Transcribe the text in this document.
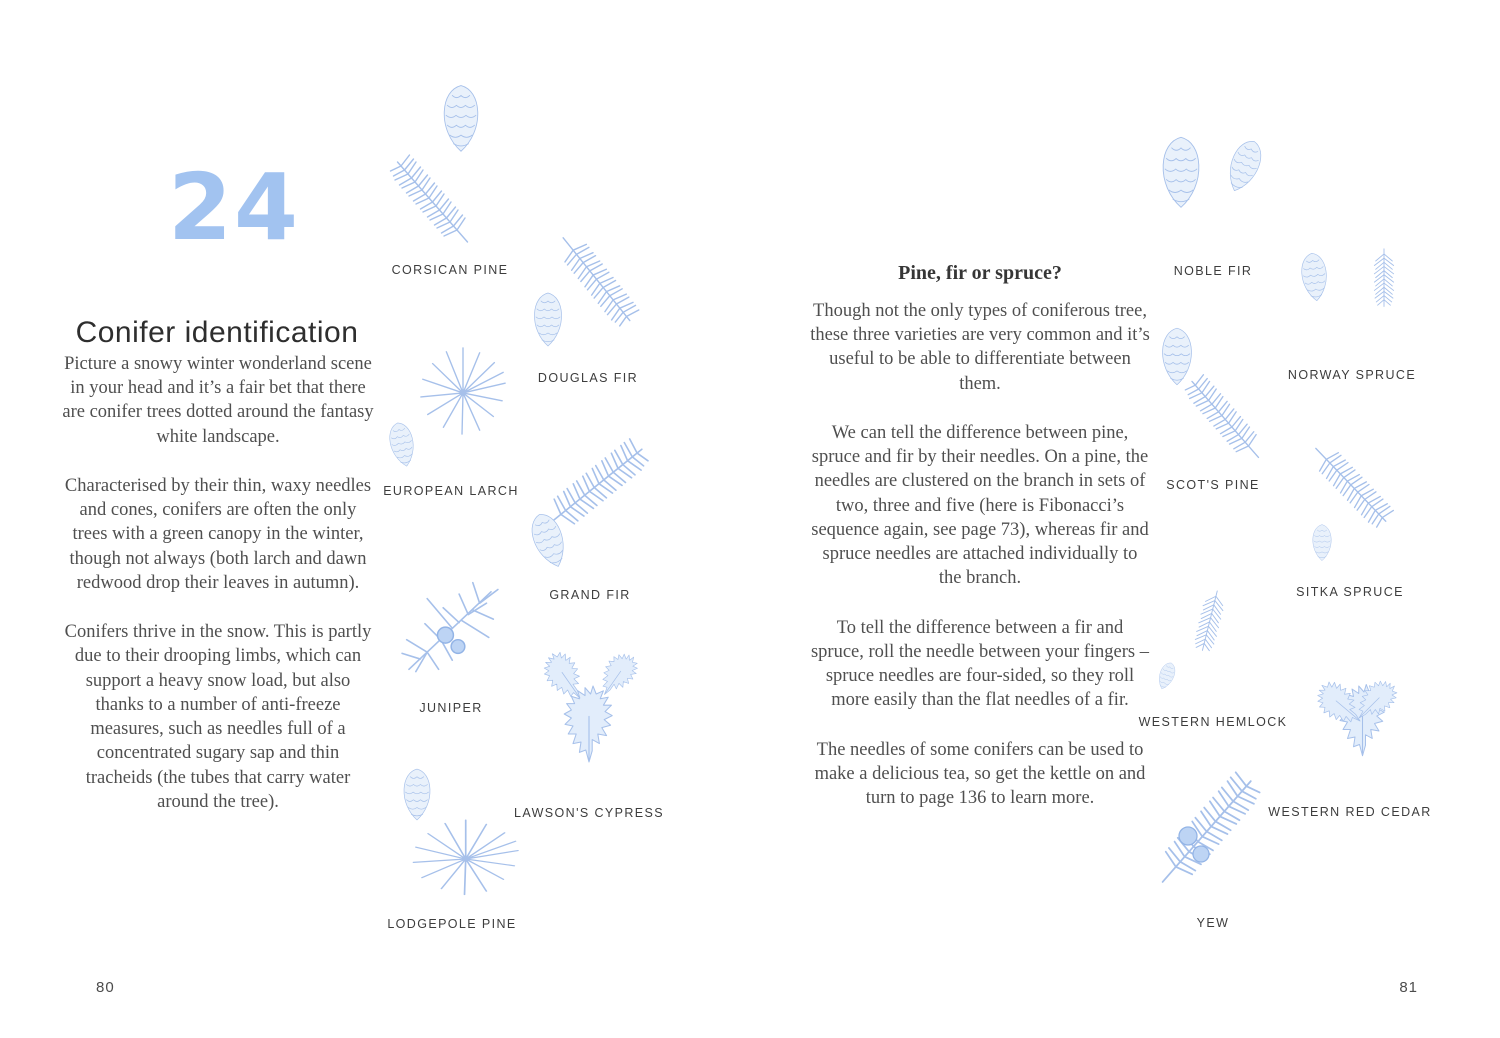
24
Conifer identification

Picture a snowy winter wonderland scene in your head and it’s a fair bet that there are conifer trees dotted around the fantasy white landscape.

Characterised by their thin, waxy needles and cones, conifers are often the only trees with a green canopy in the winter, though not always (both larch and dawn redwood drop their leaves in autumn).

Conifers thrive in the snow. This is partly due to their drooping limbs, which can support a heavy snow load, but also thanks to a number of anti-freeze measures, such as needles full of a concentrated sugary sap and thin tracheids (the tubes that carry water around the tree).

80
CORSICAN PINE
DOUGLAS FIR
EUROPEAN LARCH
GRAND FIR
JUNIPER
LAWSON'S CYPRESS
LODGEPOLE PINE
Pine, fir or spruce?

Though not the only types of coniferous tree, these three varieties are very common and it’s useful to be able to differentiate between them.

We can tell the difference between pine, spruce and fir by their needles. On a pine, the needles are clustered on the branch in sets of two, three and five (here is Fibonacci’s sequence again, see page 73), whereas fir and spruce needles are attached individually to the branch.

To tell the difference between a fir and spruce, roll the needle between your fingers – spruce needles are four-sided, so they roll more easily than the flat needles of a fir.

The needles of some conifers can be used to make a delicious tea, so get the kettle on and turn to page 136 to learn more.

81
NOBLE FIR
NORWAY SPRUCE
SCOT'S PINE
SITKA SPRUCE
WESTERN HEMLOCK
WESTERN RED CEDAR
YEW
